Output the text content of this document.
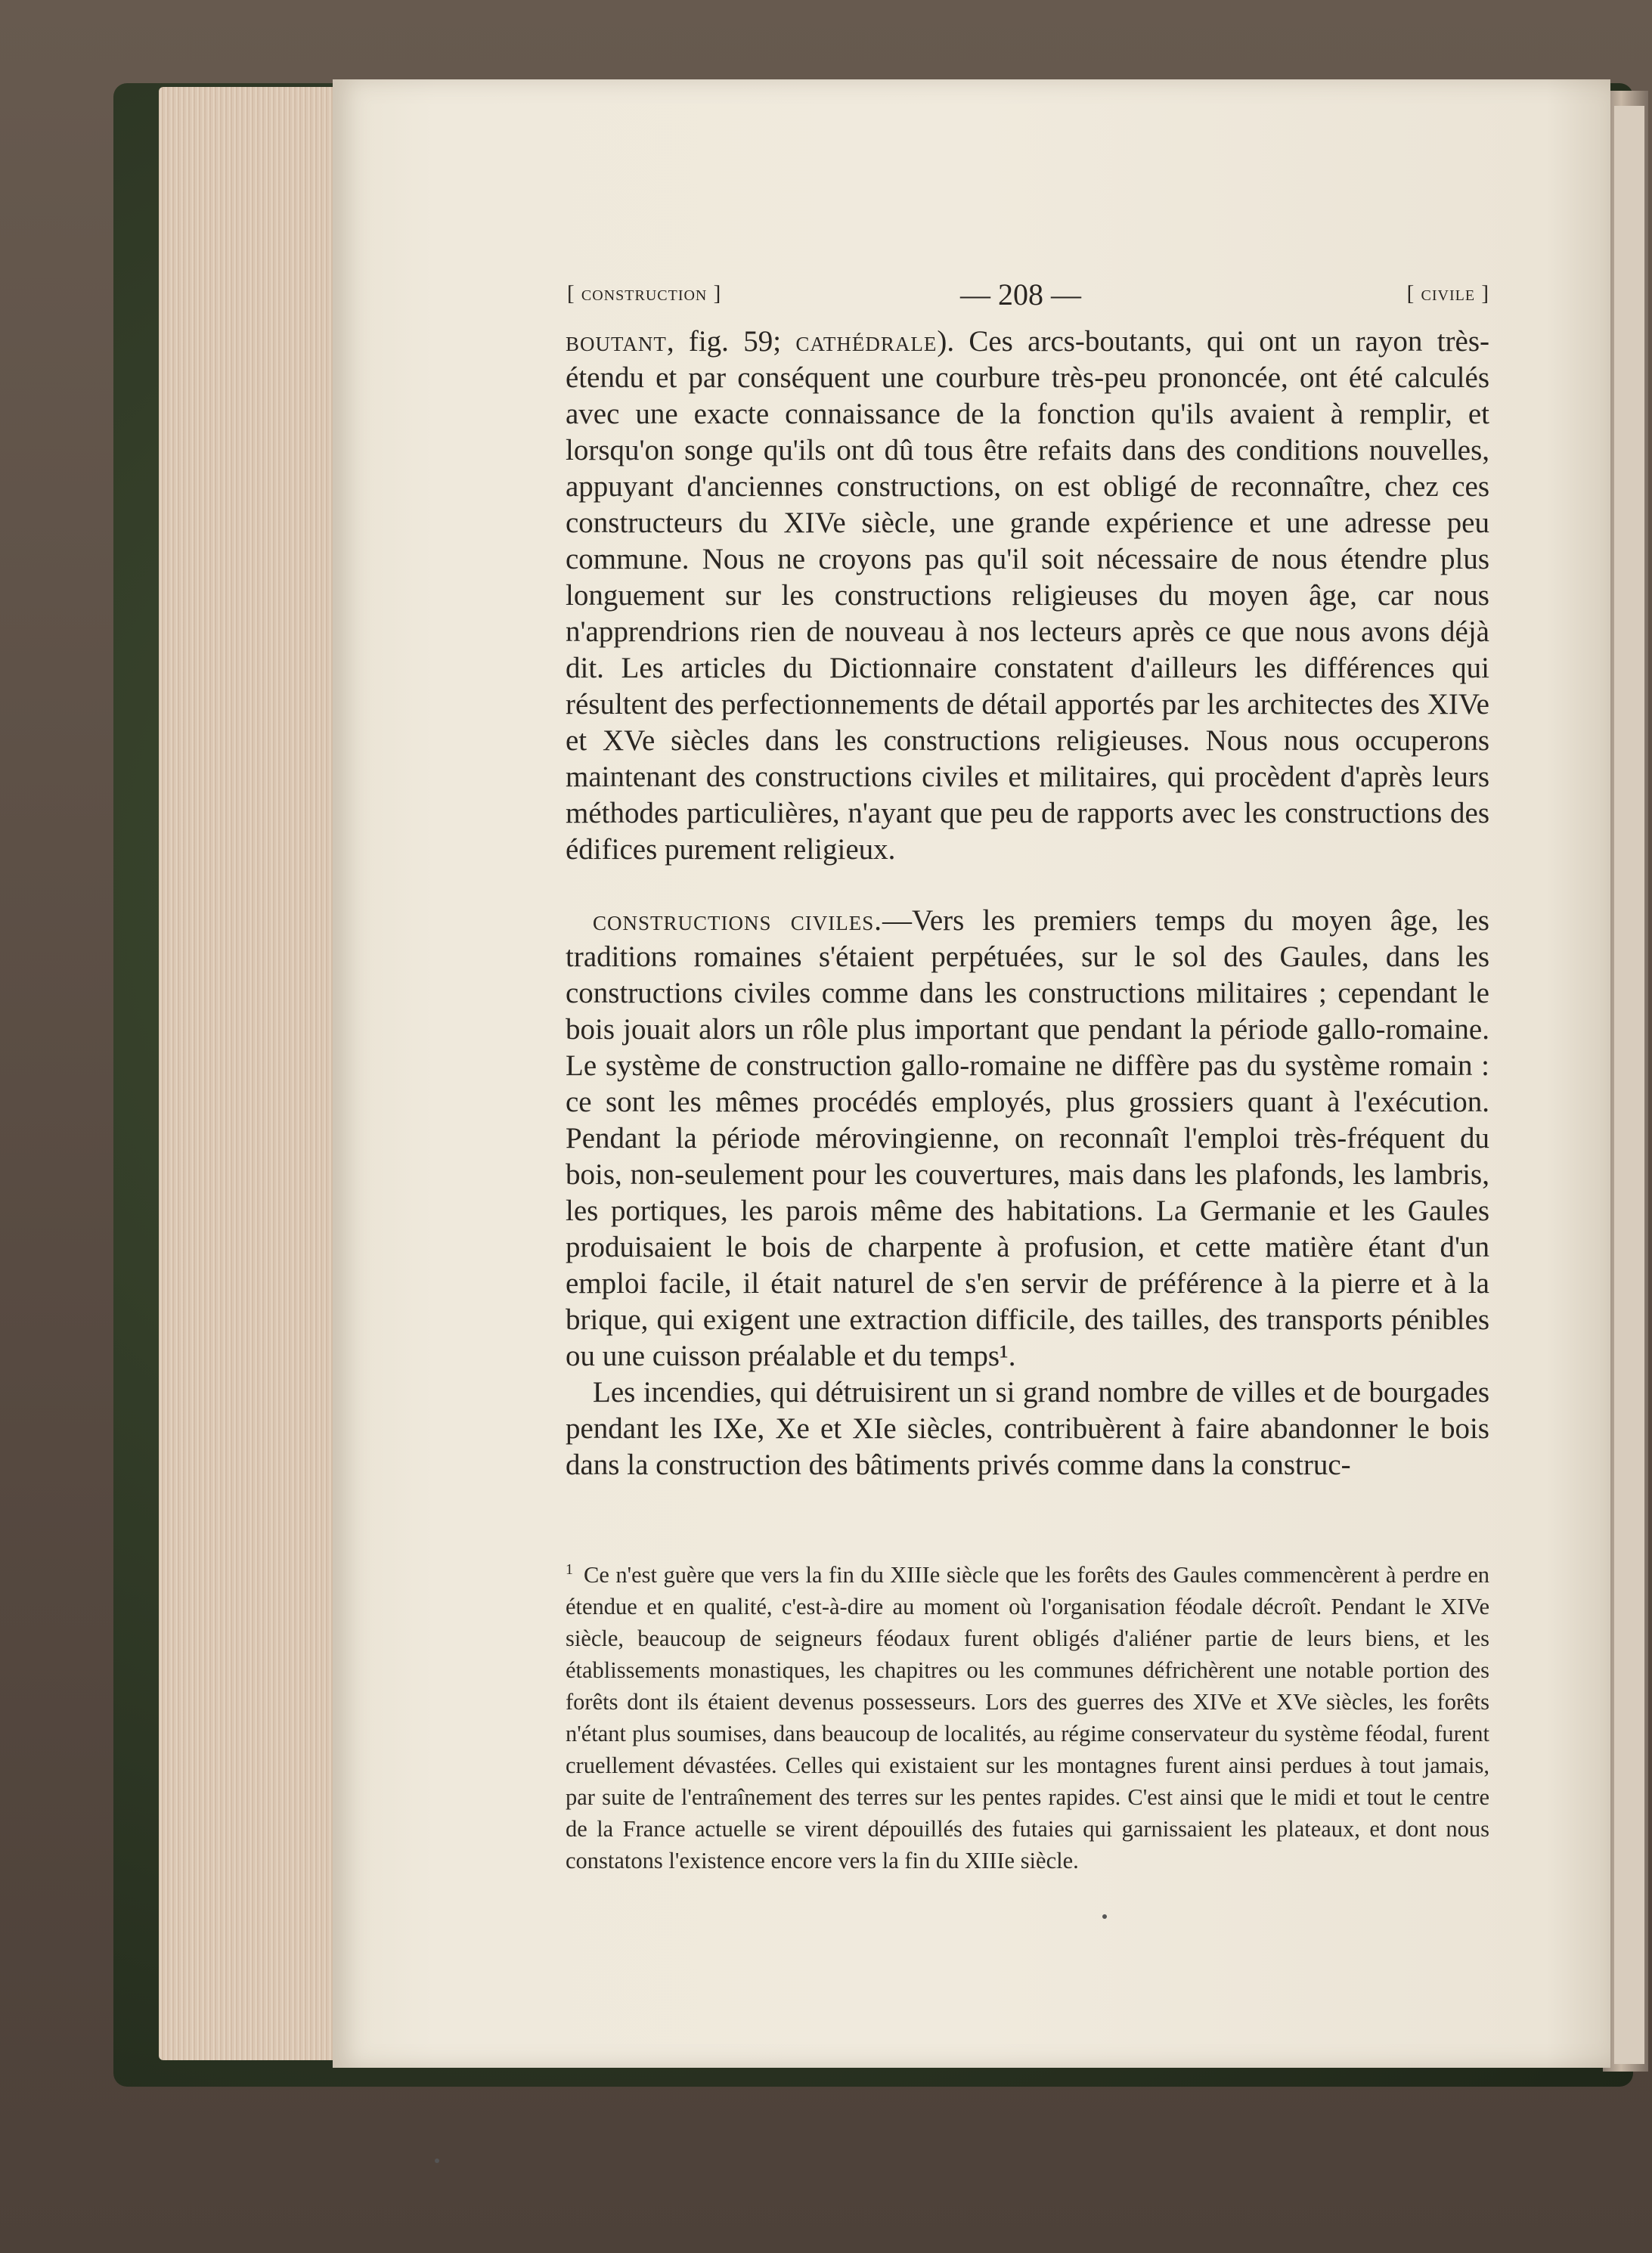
[ construction ]	— 208 —	[ civile ]

boutant, fig. 59; cathédrale). Ces arcs-boutants, qui ont un rayon très-étendu et par conséquent une courbure très-peu prononcée, ont été calculés avec une exacte connaissance de la fonction qu'ils avaient à remplir, et lorsqu'on songe qu'ils ont dû tous être refaits dans des conditions nouvelles, appuyant d'anciennes constructions, on est obligé de reconnaître, chez ces constructeurs du XIVe siècle, une grande expérience et une adresse peu commune. Nous ne croyons pas qu'il soit nécessaire de nous étendre plus longuement sur les constructions religieuses du moyen âge, car nous n'apprendrions rien de nouveau à nos lecteurs après ce que nous avons déjà dit. Les articles du Dictionnaire constatent d'ailleurs les différences qui résultent des perfectionnements de détail apportés par les architectes des XIVe et XVe siècles dans les constructions religieuses. Nous nous occuperons maintenant des constructions civiles et militaires, qui procèdent d'après leurs méthodes particulières, n'ayant que peu de rapports avec les constructions des édifices purement religieux.

constructions civiles.—Vers les premiers temps du moyen âge, les traditions romaines s'étaient perpétuées, sur le sol des Gaules, dans les constructions civiles comme dans les constructions militaires ; cependant le bois jouait alors un rôle plus important que pendant la période gallo-romaine. Le système de construction gallo-romaine ne diffère pas du système romain : ce sont les mêmes procédés employés, plus grossiers quant à l'exécution. Pendant la période mérovingienne, on reconnaît l'emploi très-fréquent du bois, non-seulement pour les couvertures, mais dans les plafonds, les lambris, les portiques, les parois même des habitations. La Germanie et les Gaules produisaient le bois de charpente à profusion, et cette matière étant d'un emploi facile, il était naturel de s'en servir de préférence à la pierre et à la brique, qui exigent une extraction difficile, des tailles, des transports pénibles ou une cuisson préalable et du temps¹.

Les incendies, qui détruisirent un si grand nombre de villes et de bourgades pendant les IXe, Xe et XIe siècles, contribuèrent à faire abandonner le bois dans la construction des bâtiments privés comme dans la construc-

$^1$ Ce n'est guère que vers la fin du XIIIe siècle que les forêts des Gaules commencèrent à perdre en étendue et en qualité, c'est-à-dire au moment où l'organisation féodale décroît. Pendant le XIVe siècle, beaucoup de seigneurs féodaux furent obligés d'aliéner partie de leurs biens, et les établissements monastiques, les chapitres ou les communes défrichèrent une notable portion des forêts dont ils étaient devenus possesseurs. Lors des guerres des XIVe et XVe siècles, les forêts n'étant plus soumises, dans beaucoup de localités, au régime conservateur du système féodal, furent cruellement dévastées. Celles qui existaient sur les montagnes furent ainsi perdues à tout jamais, par suite de l'entraînement des terres sur les pentes rapides. C'est ainsi que le midi et tout le centre de la France actuelle se virent dépouillés des futaies qui garnissaient les plateaux, et dont nous constatons l'existence encore vers la fin du XIIIe siècle.
